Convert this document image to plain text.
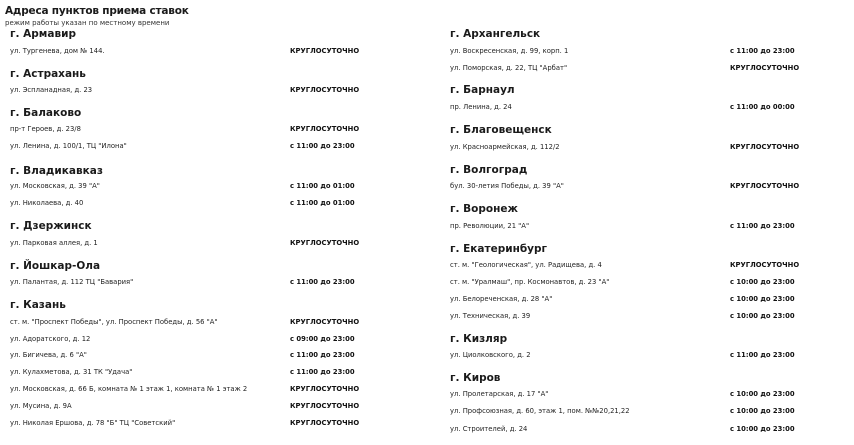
Адреса пунктов приема ставок
режим работы указан по местному времени
г. Армавир
ул. Тургенева, дом № 144.	КРУГЛОСУТОЧНО
г. Астрахань
ул. Эспланадная, д. 23	КРУГЛОСУТОЧНО
г. Балаково
пр-т Героев, д. 23/8	КРУГЛОСУТОЧНО
ул. Ленина, д. 100/1, ТЦ "Илона"	с 11:00 до 23:00
г. Владикавказ
ул. Московская, д. 39 "А"	с 11:00 до 01:00
ул. Николаева, д. 40	с 11:00 до 01:00
г. Дзержинск
ул. Парковая аллея, д. 1	КРУГЛОСУТОЧНО
г. Йошкар-Ола
ул. Палантая, д. 112 ТЦ "Бавария"	с 11:00 до 23:00
г. Казань
ст. м. "Проспект Победы", ул. Проспект Победы, д. 56 "А"	КРУГЛОСУТОЧНО
ул. Адоратского, д. 12	с 09:00 до 23:00
ул. Бигичева, д. 6 "А"	с 11:00 до 23:00
ул. Кулахметова, д. 31 ТК "Удача"	с 11:00 до 23:00
ул. Московская, д. 66 Б, комната № 1 этаж 1, комната № 1 этаж 2	КРУГЛОСУТОЧНО
ул. Мусина, д. 9А	КРУГЛОСУТОЧНО
ул. Николая Ершова, д. 78 "Б" ТЦ "Советский"	КРУГЛОСУТОЧНО
г. Архангельск
ул. Воскресенская, д. 99, корп. 1	с 11:00 до 23:00
ул. Поморская, д. 22, ТЦ "Арбат"	КРУГЛОСУТОЧНО
г. Барнаул
пр. Ленина, д. 24	с 11:00 до 00:00
г. Благовещенск
ул. Красноармейская, д. 112/2	КРУГЛОСУТОЧНО
г. Волгоград
бул. 30-летия Победы, д. 39 "А"	КРУГЛОСУТОЧНО
г. Воронеж
пр. Революции, 21 "А"	с 11:00 до 23:00
г. Екатеринбург
ст. м. "Геологическая", ул. Радищева, д. 4	КРУГЛОСУТОЧНО
ст. м. "Уралмаш", пр. Космонавтов, д. 23 "А"	с 10:00 до 23:00
ул. Белореченская, д. 28 "А"	с 10:00 до 23:00
ул. Техническая, д. 39	с 10:00 до 23:00
г. Кизляр
ул. Циолковского, д. 2	с 11:00 до 23:00
г. Киров
ул. Пролетарская, д. 17 "А"	с 10:00 до 23:00
ул. Профсоюзная, д. 60, этаж 1, пом. №№20,21,22	с 10:00 до 23:00
ул. Строителей, д. 24	с 10:00 до 23:00
